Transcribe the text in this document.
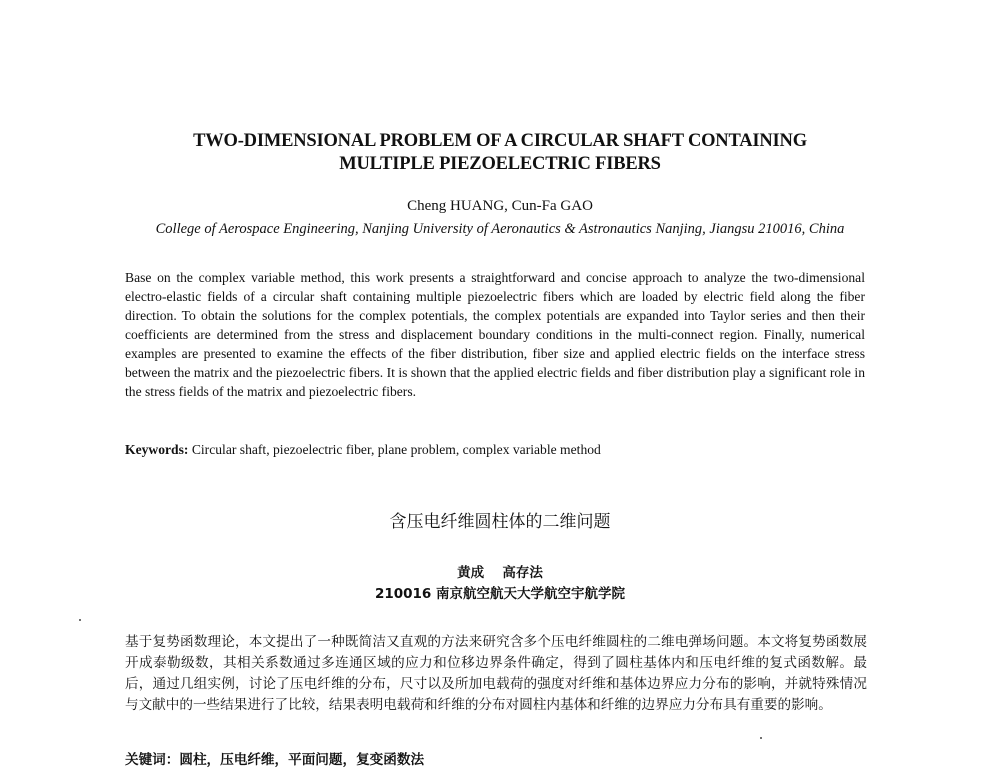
TWO-DIMENSIONAL PROBLEM OF A CIRCULAR SHAFT CONTAINING
MULTIPLE PIEZOELECTRIC FIBERS
Cheng HUANG, Cun-Fa GAO
College of Aerospace Engineering, Nanjing University of Aeronautics & Astronautics Nanjing, Jiangsu 210016, China
Base on the complex variable method, this work presents a straightforward and concise approach to analyze the two-dimensional electro-elastic fields of a circular shaft containing multiple piezoelectric fibers which are loaded by electric field along the fiber direction. To obtain the solutions for the complex potentials, the complex potentials are expanded into Taylor series and then their coefficients are determined from the stress and displacement boundary conditions in the multi-connect region. Finally, numerical examples are presented to examine the effects of the fiber distribution, fiber size and applied electric fields on the interface stress between the matrix and the piezoelectric fibers. It is shown that the applied electric fields and fiber distribution play a significant role in the stress fields of the matrix and piezoelectric fibers.
Keywords: Circular shaft, piezoelectric fiber, plane problem, complex variable method
含压电纤维圆柱体的二维问题
黄成　 高存法
210016 南京航空航天大学航空宇航学院
基于复势函数理论，本文提出了一种既简洁又直观的方法来研究含多个压电纤维圆柱的二维电弹场问题。本文将复势函数展开成泰勒级数，其相关系数通过多连通区域的应力和位移边界条件确定，得到了圆柱基体内和压电纤维的复式函数解。最后，通过几组实例，讨论了压电纤维的分布，尺寸以及所加电载荷的强度对纤维和基体边界应力分布的影响，并就特殊情况与文献中的一些结果进行了比较，结果表明电载荷和纤维的分布对圆柱内基体和纤维的边界应力分布具有重要的影响。
关键词：圆柱，压电纤维，平面问题，复变函数法
